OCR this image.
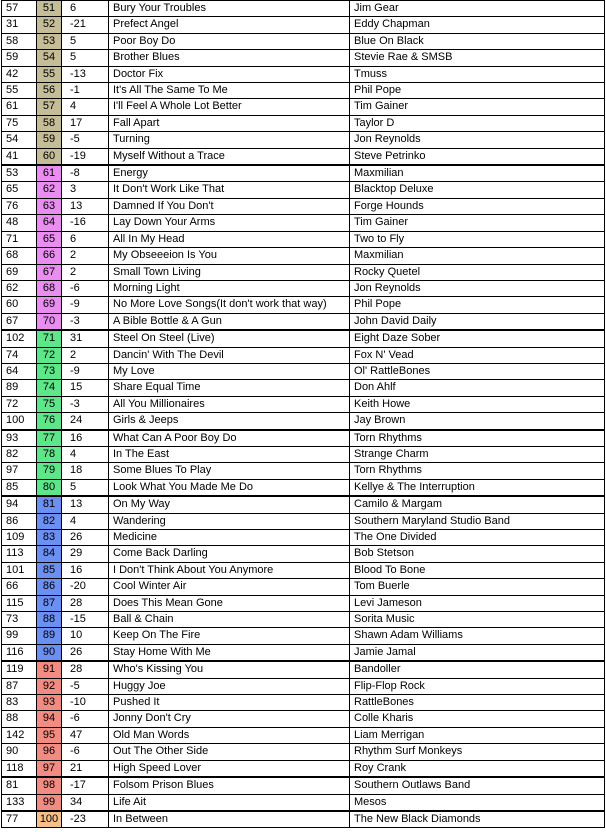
57	51	6	Bury Your Troubles	Jim Gear
31	52	-21	Prefect Angel	Eddy Chapman
58	53	5	Poor Boy Do	Blue On Black
59	54	5	Brother Blues	Stevie Rae & SMSB
42	55	-13	Doctor Fix	Tmuss
55	56	-1	It's All The Same To Me	Phil Pope
61	57	4	I'll Feel A Whole Lot Better	Tim Gainer
75	58	17	Fall Apart	Taylor D
54	59	-5	Turning	Jon Reynolds
41	60	-19	Myself Without a Trace	Steve Petrinko
53	61	-8	Energy	Maxmilian
65	62	3	It Don't Work Like That	Blacktop Deluxe
76	63	13	Damned If You Don't	Forge Hounds
48	64	-16	Lay Down Your Arms	Tim Gainer
71	65	6	All In My Head	Two to Fly
68	66	2	My Obseeeion Is You	Maxmilian
69	67	2	Small Town Living	Rocky Quetel
62	68	-6	Morning Light	Jon Reynolds
60	69	-9	No More Love Songs(It don't work that way)	Phil Pope
67	70	-3	A Bible Bottle & A Gun	John David Daily
102	71	31	Steel On Steel (Live)	Eight Daze Sober
74	72	2	Dancin' With The Devil	Fox N' Vead
64	73	-9	My Love	Ol' RattleBones
89	74	15	Share Equal Time	Don Ahlf
72	75	-3	All You Millionaires	Keith Howe
100	76	24	Girls & Jeeps	Jay Brown
93	77	16	What Can A Poor Boy Do	Torn Rhythms
82	78	4	In The East	Strange Charm
97	79	18	Some Blues To Play	Torn Rhythms
85	80	5	Look What You Made Me Do	Kellye & The Interruption
94	81	13	On My Way	Camilo & Margam
86	82	4	Wandering	Southern Maryland Studio Band
109	83	26	Medicine	The One Divided
113	84	29	Come Back Darling	Bob Stetson
101	85	16	I Don't Think About You Anymore	Blood To Bone
66	86	-20	Cool Winter Air	Tom Buerle
115	87	28	Does This Mean Gone	Levi Jameson
73	88	-15	Ball & Chain	Sorita Music
99	89	10	Keep On The Fire	Shawn Adam Williams
116	90	26	Stay Home With Me	Jamie Jamal
119	91	28	Who's Kissing You	Bandoller
87	92	-5	Huggy Joe	Flip-Flop Rock
83	93	-10	Pushed It	RattleBones
88	94	-6	Jonny Don't Cry	Colle Kharis
142	95	47	Old Man Words	Liam Merrigan
90	96	-6	Out The Other Side	Rhythm Surf Monkeys
118	97	21	High Speed Lover	Roy Crank
81	98	-17	Folsom Prison Blues	Southern Outlaws Band
133	99	34	Life Ait	Mesos
77	100	-23	In Between	The New Black Diamonds
